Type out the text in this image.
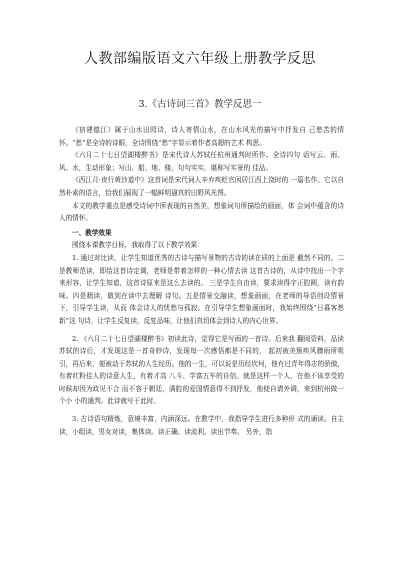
人教部编版语文六年级上册教学反思
3.《古诗词三首》教学反思一

《宿建德江》属于山水田园诗，诗人寄情山水，在山水风光的描写中抒发自 己愁苦的情怀。“愁”是全诗的诗眼，全诗围绕“愁”字显示着作者高超的艺术 构思。

《六月二十七日望湖楼醉书》是宋代诗人苏轼任杭州通判时所作。全诗四句 话写云、雨、风、水，生动形象；写山、船、地、楼，句句实实，堪称写实景的 佳品。

《西江月·夜行黄沙道中》这首词是宋代词人辛弃疾贬官闲居江西上饶时的 一篇名作。它以自然朴素的语言，恰我们展现了一幅鲜明逼真的田野风光图。

本文的教学重点是感受诗词中所表现的自然美，想象词句所描绘的画面，体 会词中蕴含的诗人的情怀。

一、教学效果

围绕本课教学目标，我取得了以下教学效果：

1. 通过对比读，让学生知道优秀的古诗与描写景物的古诗的读在质的上面是 截然不同的。二是教师范读，即给这首诗定调，老师是带着怎样的一种心情去读 这首古诗的，从诗中找出一个字来形容，让学生知道，这首诗原来是这么去读的。 三是学生自由读，要求读得字正腔圆，读有韵味。四是精读，做到在读中去理解 诗句。五是情景交融读，想象画面，在老师的导语创设情景下，引导学生读，从而 体会诗人的忧愁与孤寂。在引导学生想象画面时，我始终围绕“日暮客愁新”这 句诗，让学生反复读，反复品味，让他们真切体会到诗人的内心世界。

2. 《六月二十七日望湖楼醉书》初读此诗，觉得它是写雨的一首诗。后来我 翻阅资料，品读苏轼的诗后，才发现这是一首奇妙诗，发现每一次感悟都是不同的， 起初被美簇疾风骤雨所吸引，再后来，便被动于苏轼的人生经历。他的一生，可以说是历经坎坷，他有过青年得志的骄傲，有着红粉佳人的诗意人生，有着才高 八斗、学富五车的自信。就是这样一个人，在他不该享受的时候却因为政见不合 而不容于朝廷，满腔的爱国情意得不到抒发，他便自请外调，来到杭州做一个小 小的通判。此诗就写于此时。

3. 古诗语句精炼，意境丰富，内涵深远。在教学中，我指导学生进行多种形 式的诵读。自主读，小组读，男女对读，集体读。读正确、读流利、读出节奏。 另外，指
